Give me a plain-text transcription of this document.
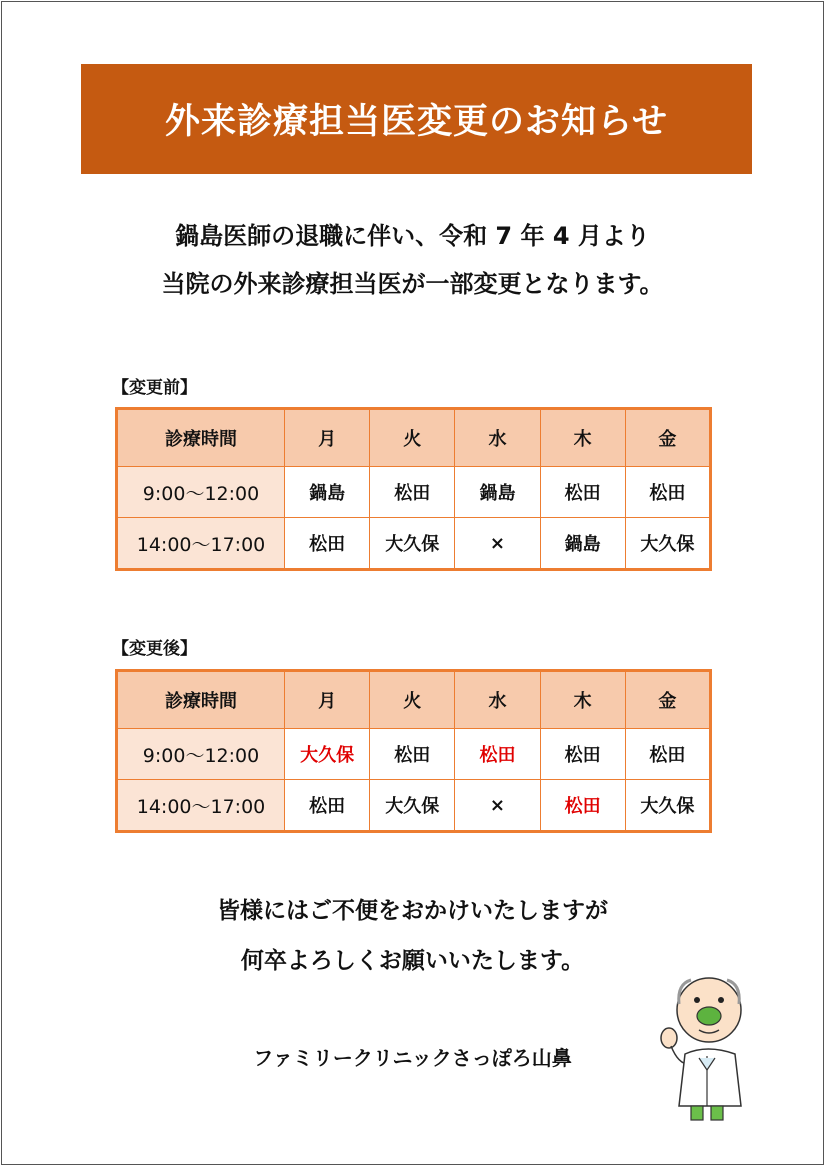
外来診療担当医変更のお知らせ
鍋島医師の退職に伴い、令和 7 年 4 月より
当院の外来診療担当医が一部変更となります。
【変更前】
診療時間	月	火	水	木	金
9:00～12:00	鍋島	松田	鍋島	松田	松田
14:00～17:00	松田	大久保	×	鍋島	大久保
【変更後】
診療時間	月	火	水	木	金
9:00～12:00	大久保	松田	松田	松田	松田
14:00～17:00	松田	大久保	×	松田	大久保
皆様にはご不便をおかけいたしますが
何卒よろしくお願いいたします。
ファミリークリニックさっぽろ山鼻
